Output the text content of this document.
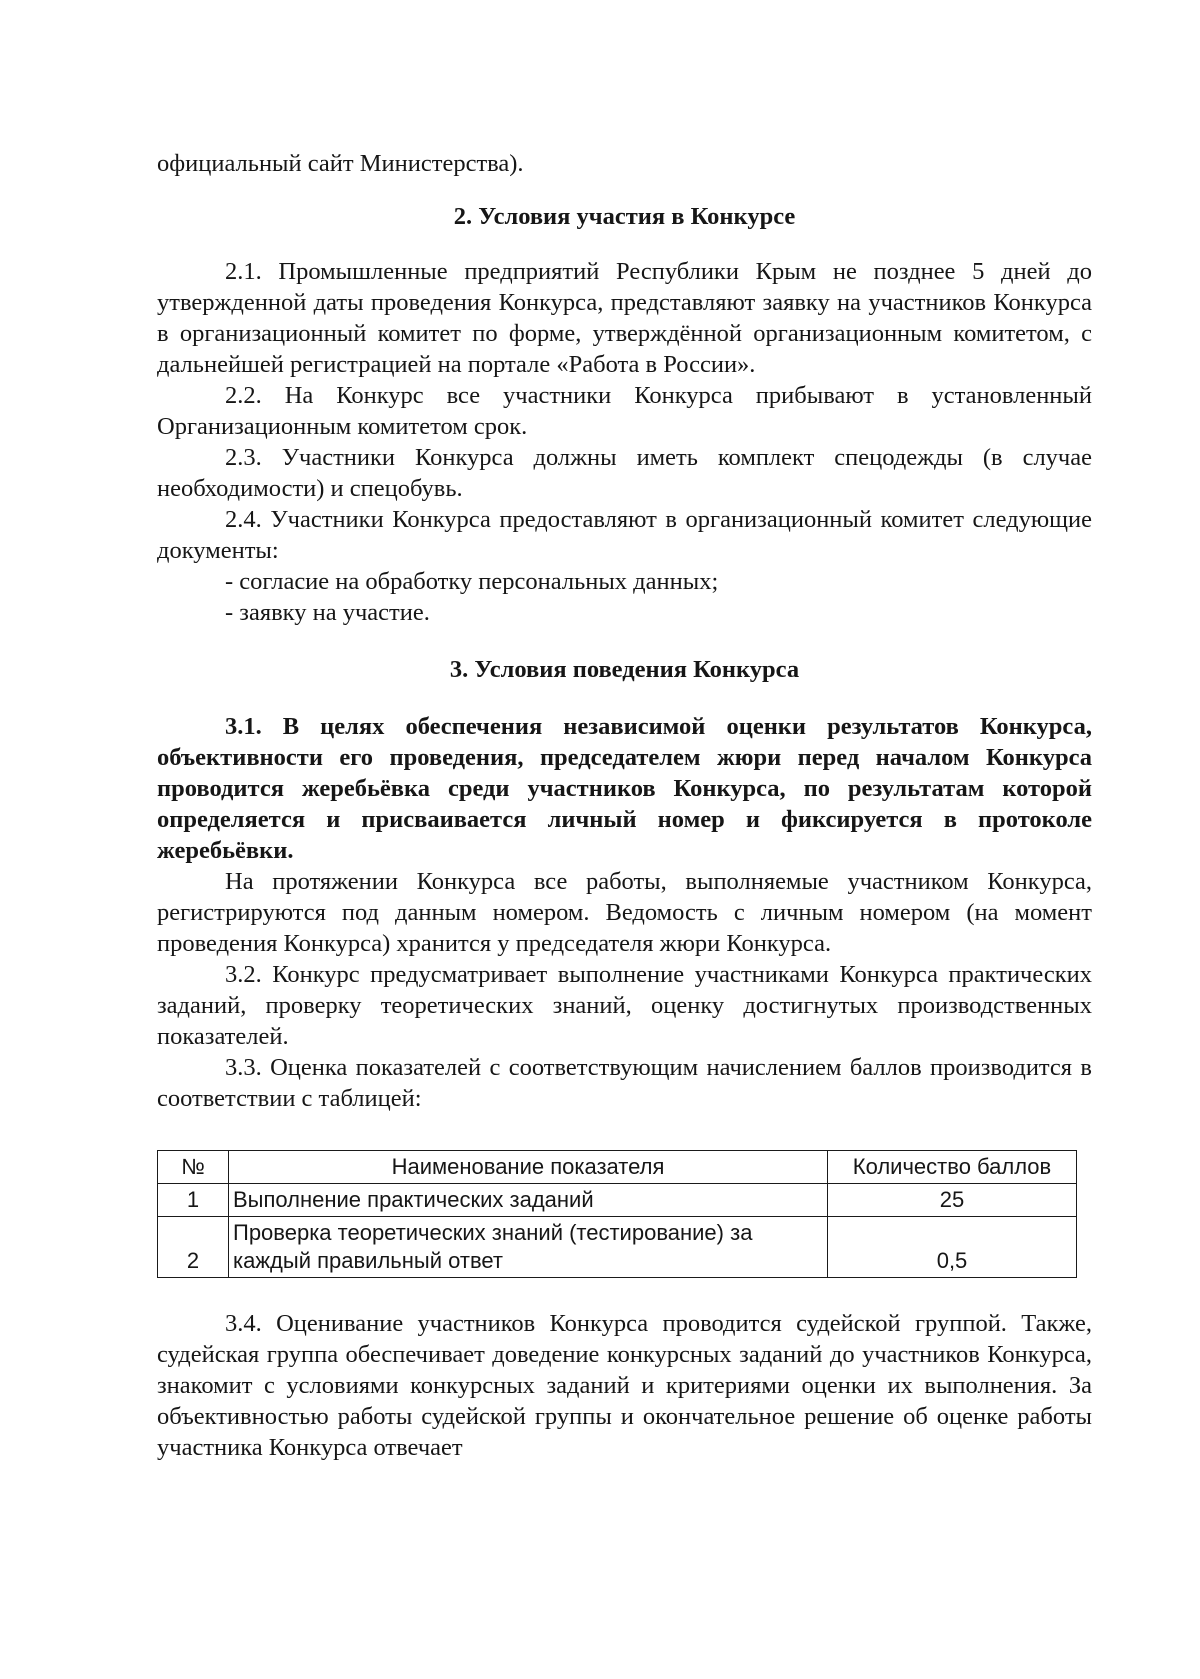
официальный сайт Министерства).

2. Условия участия в Конкурсе

2.1. Промышленные предприятий Республики Крым не позднее 5 дней до утвержденной даты проведения Конкурса, представляют заявку на участников Конкурса в организационный комитет по форме, утверждённой организационным комитетом, с дальнейшей регистрацией на портале «Работа в России».

2.2. На Конкурс все участники Конкурса прибывают в установленный Организационным комитетом срок.

2.3. Участники Конкурса должны иметь комплект спецодежды (в случае необходимости) и спецобувь.

2.4. Участники Конкурса предоставляют в организационный комитет следующие документы:

- согласие на обработку персональных данных;

- заявку на участие.

3. Условия поведения Конкурса

3.1. В целях обеспечения независимой оценки результатов Конкурса, объективности его проведения, председателем жюри перед началом Конкурса проводится жеребьёвка среди участников Конкурса, по результатам которой определяется и присваивается личный номер и фиксируется в протоколе жеребьёвки.

На протяжении Конкурса все работы, выполняемые участником Конкурса, регистрируются под данным номером. Ведомость с личным номером (на момент проведения Конкурса) хранится у председателя жюри Конкурса.

3.2. Конкурс предусматривает выполнение участниками Конкурса практических заданий, проверку теоретических знаний, оценку достигнутых производственных показателей.

3.3. Оценка показателей с соответствующим начислением баллов производится в соответствии с таблицей:

№	Наименование показателя	Количество баллов
1	Выполнение практических заданий	25
2	Проверка теоретических знаний (тестирование) за каждый правильный ответ	0,5

3.4. Оценивание участников Конкурса проводится судейской группой. Также, судейская группа обеспечивает доведение конкурсных заданий до участников Конкурса, знакомит с условиями конкурсных заданий и критериями оценки их выполнения. За объективностью работы судейской группы и окончательное решение об оценке работы участника Конкурса отвечает
